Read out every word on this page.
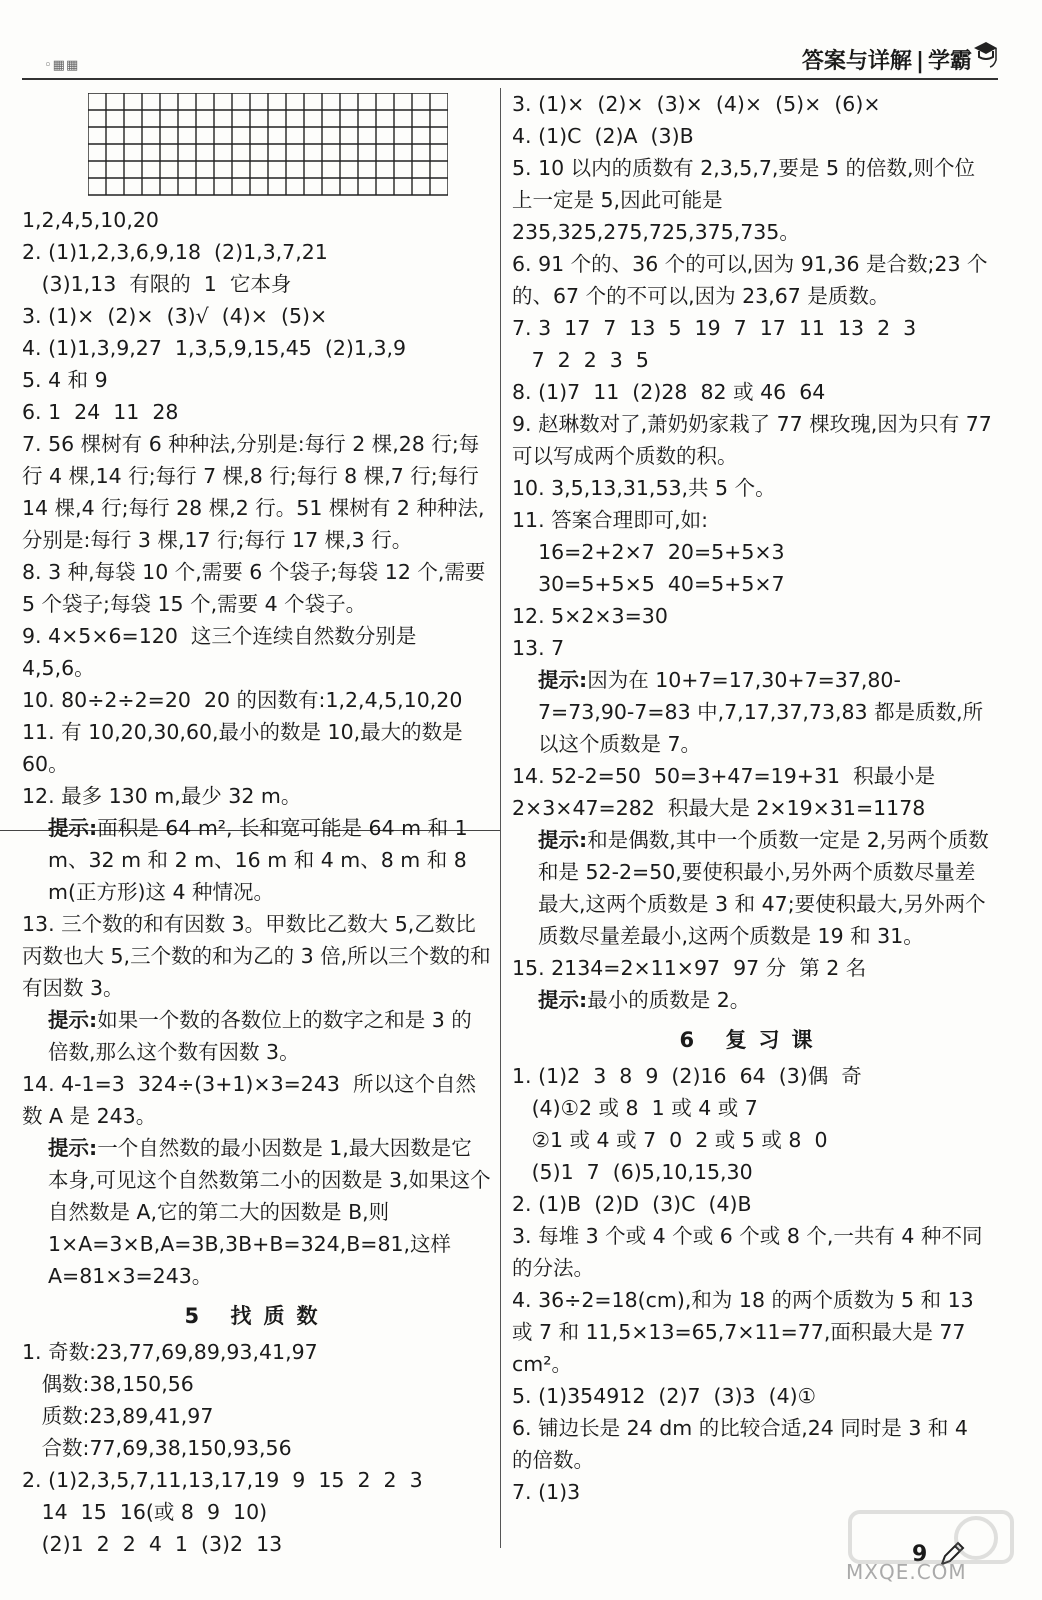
◦▦▦	答案与详解 | 学霸

1,2,4,5,10,20

2. (1)1,2,3,6,9,18  (2)1,3,7,21
(3)1,13  有限的  1  它本身

3. (1)×  (2)×  (3)√  (4)×  (5)×

4. (1)1,3,9,27  1,3,5,9,15,45  (2)1,3,9

5. 4 和 9

6. 1  24  11  28

7. 56 棵树有 6 种种法,分别是:每行 2 棵,28 行;每行 4 棵,14 行;每行 7 棵,8 行;每行 8 棵,7 行;每行 14 棵,4 行;每行 28 棵,2 行。51 棵树有 2 种种法,分别是:每行 3 棵,17 行;每行 17 棵,3 行。

8. 3 种,每袋 10 个,需要 6 个袋子;每袋 12 个,需要 5 个袋子;每袋 15 个,需要 4 个袋子。

9. 4×5×6=120  这三个连续自然数分别是 4,5,6。

10. 80÷2÷2=20  20 的因数有:1,2,4,5,10,20

11. 有 10,20,30,60,最小的数是 10,最大的数是 60。

12. 最多 130 m,最少 32 m。

提示:面积是 64 m², 长和宽可能是 64 m 和 1 m、32 m 和 2 m、16 m 和 4 m、8 m 和 8 m(正方形)这 4 种情况。

13. 三个数的和有因数 3。甲数比乙数大 5,乙数比丙数也大 5,三个数的和为乙的 3 倍,所以三个数的和有因数 3。

提示:如果一个数的各数位上的数字之和是 3 的倍数,那么这个数有因数 3。

14. 4-1=3  324÷(3+1)×3=243  所以这个自然数 A 是 243。

提示:一个自然数的最小因数是 1,最大因数是它本身,可见这个自然数第二小的因数是 3,如果这个自然数是 A,它的第二大的因数是 B,则 1×A=3×B,A=3B,3B+B=324,B=81,这样 A=81×3=243。

5 找质数

1. 奇数:23,77,69,89,93,41,97
偶数:38,150,56
质数:23,89,41,97
合数:77,69,38,150,93,56

2. (1)2,3,5,7,11,13,17,19  9  15  2  2  3
14  15  16(或 8  9  10)
(2)1  2  2  4  1  (3)2  13

3. (1)×  (2)×  (3)×  (4)×  (5)×  (6)×

4. (1)C  (2)A  (3)B

5. 10 以内的质数有 2,3,5,7,要是 5 的倍数,则个位上一定是 5,因此可能是 235,325,275,725,375,735。

6. 91 个的、36 个的可以,因为 91,36 是合数;23 个的、67 个的不可以,因为 23,67 是质数。

7. 3  17  7  13  5  19  7  17  11  13  2  3
7  2  2  3  5

8. (1)7  11  (2)28  82 或 46  64

9. 赵琳数对了,萧奶奶家栽了 77 棵玫瑰,因为只有 77 可以写成两个质数的积。

10. 3,5,13,31,53,共 5 个。

11. 答案合理即可,如:
16=2+2×7  20=5+5×3
30=5+5×5  40=5+5×7

12. 5×2×3=30

13. 7

提示:因为在 10+7=17,30+7=37,80-7=73,90-7=83 中,7,17,37,73,83 都是质数,所以这个质数是 7。

14. 52-2=50  50=3+47=19+31  积最小是 2×3×47=282  积最大是 2×19×31=1178

提示:和是偶数,其中一个质数一定是 2,另两个质数和是 52-2=50,要使积最小,另外两个质数尽量差最大,这两个质数是 3 和 47;要使积最大,另外两个质数尽量差最小,这两个质数是 19 和 31。

15. 2134=2×11×97  97 分  第 2 名

提示:最小的质数是 2。

6 复习课

1. (1)2  3  8  9  (2)16  64  (3)偶  奇
(4)①2 或 8  1 或 4 或 7
②1 或 4 或 7  0  2 或 5 或 8  0
(5)1  7  (6)5,10,15,30

2. (1)B  (2)D  (3)C  (4)B

3. 每堆 3 个或 4 个或 6 个或 8 个,一共有 4 种不同的分法。

4. 36÷2=18(cm),和为 18 的两个质数为 5 和 13 或 7 和 11,5×13=65,7×11=77,面积最大是 77 cm²。

5. (1)354912  (2)7  (3)3  (4)①

6. 铺边长是 24 dm 的比较合适,24 同时是 3 和 4 的倍数。

7. (1)3

9
MXQE.COM
